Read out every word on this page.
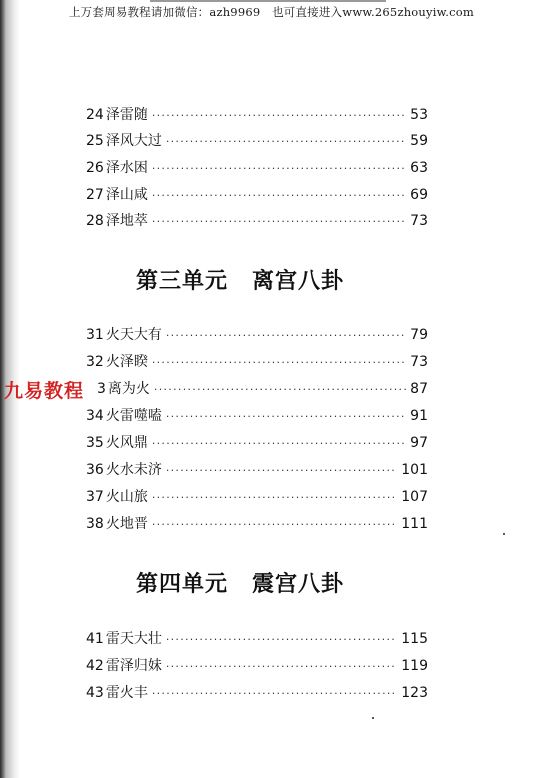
上万套周易教程请加微信：azh9969　也可直接进入www.265zhouyiw.com
24 泽雷随 ·····	53
25 泽风大过 ·····	59
26 泽水困 ·····	63
27 泽山咸 ·····	69
28 泽地萃 ·····	73
第三单元 离宫八卦
31 火天大有 ·····	79
32 火泽睽 ·····	73
3 离为火 ·····	87
34 火雷噬嗑 ·····	91
35 火风鼎 ·····	97
36 火水未济 ·····	101
37 火山旅 ·····	107
38 火地晋 ·····	111
第四单元 震宫八卦
41 雷天大壮 ·····	115
42 雷泽归妹 ·····	119
43 雷火丰 ·····	123
九易教程
